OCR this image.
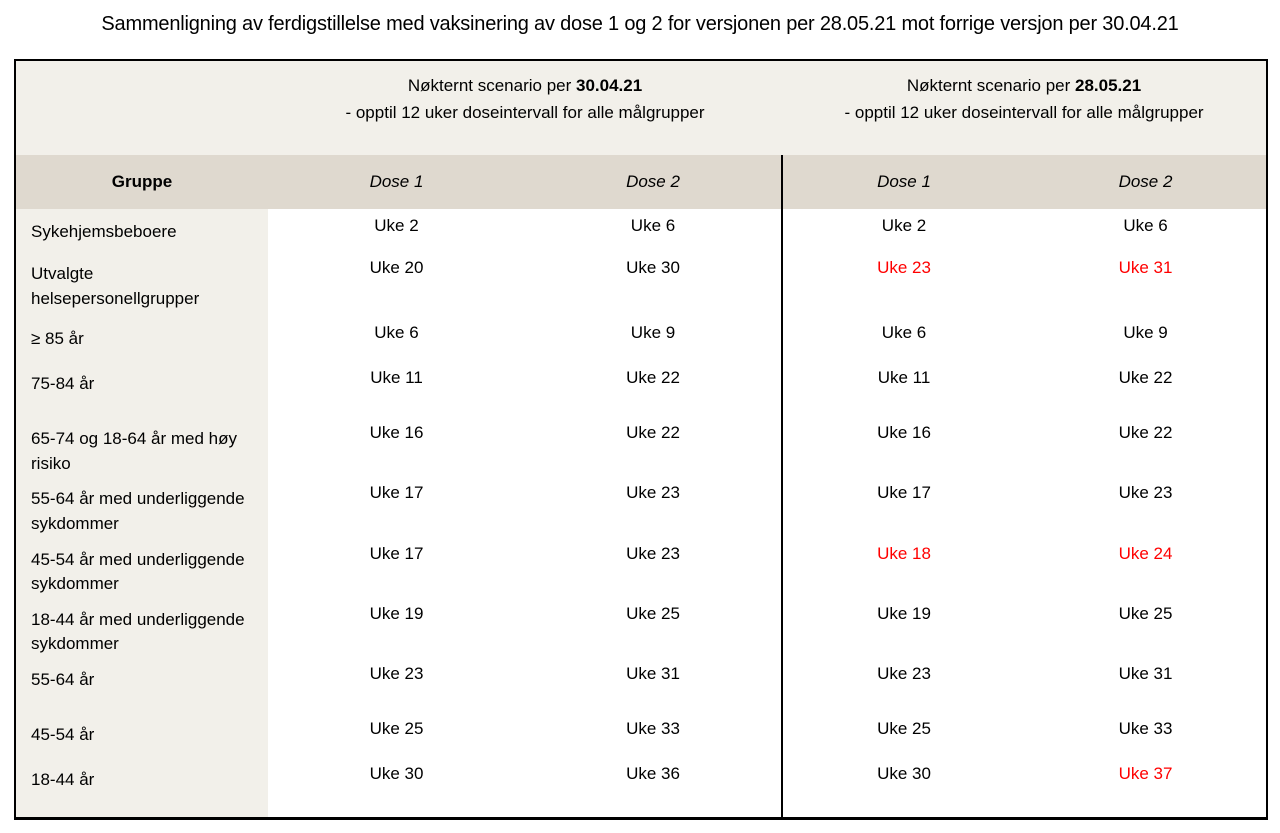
Sammenligning av ferdigstillelse med vaksinering av dose 1 og 2 for versjonen per 28.05.21 mot forrige versjon per 30.04.21

Nøkternt scenario per 30.04.21
- opptil 12 uker doseintervall for alle målgrupper

Nøkternt scenario per 28.05.21
- opptil 12 uker doseintervall for alle målgrupper

Gruppe	Dose 1	Dose 2	Dose 1	Dose 2
Sykehjemsbeboere	Uke 2	Uke 6	Uke 2	Uke 6
Utvalgte helsepersonellgrupper	Uke 20	Uke 30	Uke 23	Uke 31
≥ 85 år	Uke 6	Uke 9	Uke 6	Uke 9
75-84 år	Uke 11	Uke 22	Uke 11	Uke 22
65-74 og 18-64 år med høy risiko	Uke 16	Uke 22	Uke 16	Uke 22
55-64 år med underliggende sykdommer	Uke 17	Uke 23	Uke 17	Uke 23
45-54 år med underliggende sykdommer	Uke 17	Uke 23	Uke 18	Uke 24
18-44 år med underliggende sykdommer	Uke 19	Uke 25	Uke 19	Uke 25
55-64 år	Uke 23	Uke 31	Uke 23	Uke 31
45-54 år	Uke 25	Uke 33	Uke 25	Uke 33
18-44 år	Uke 30	Uke 36	Uke 30	Uke 37
